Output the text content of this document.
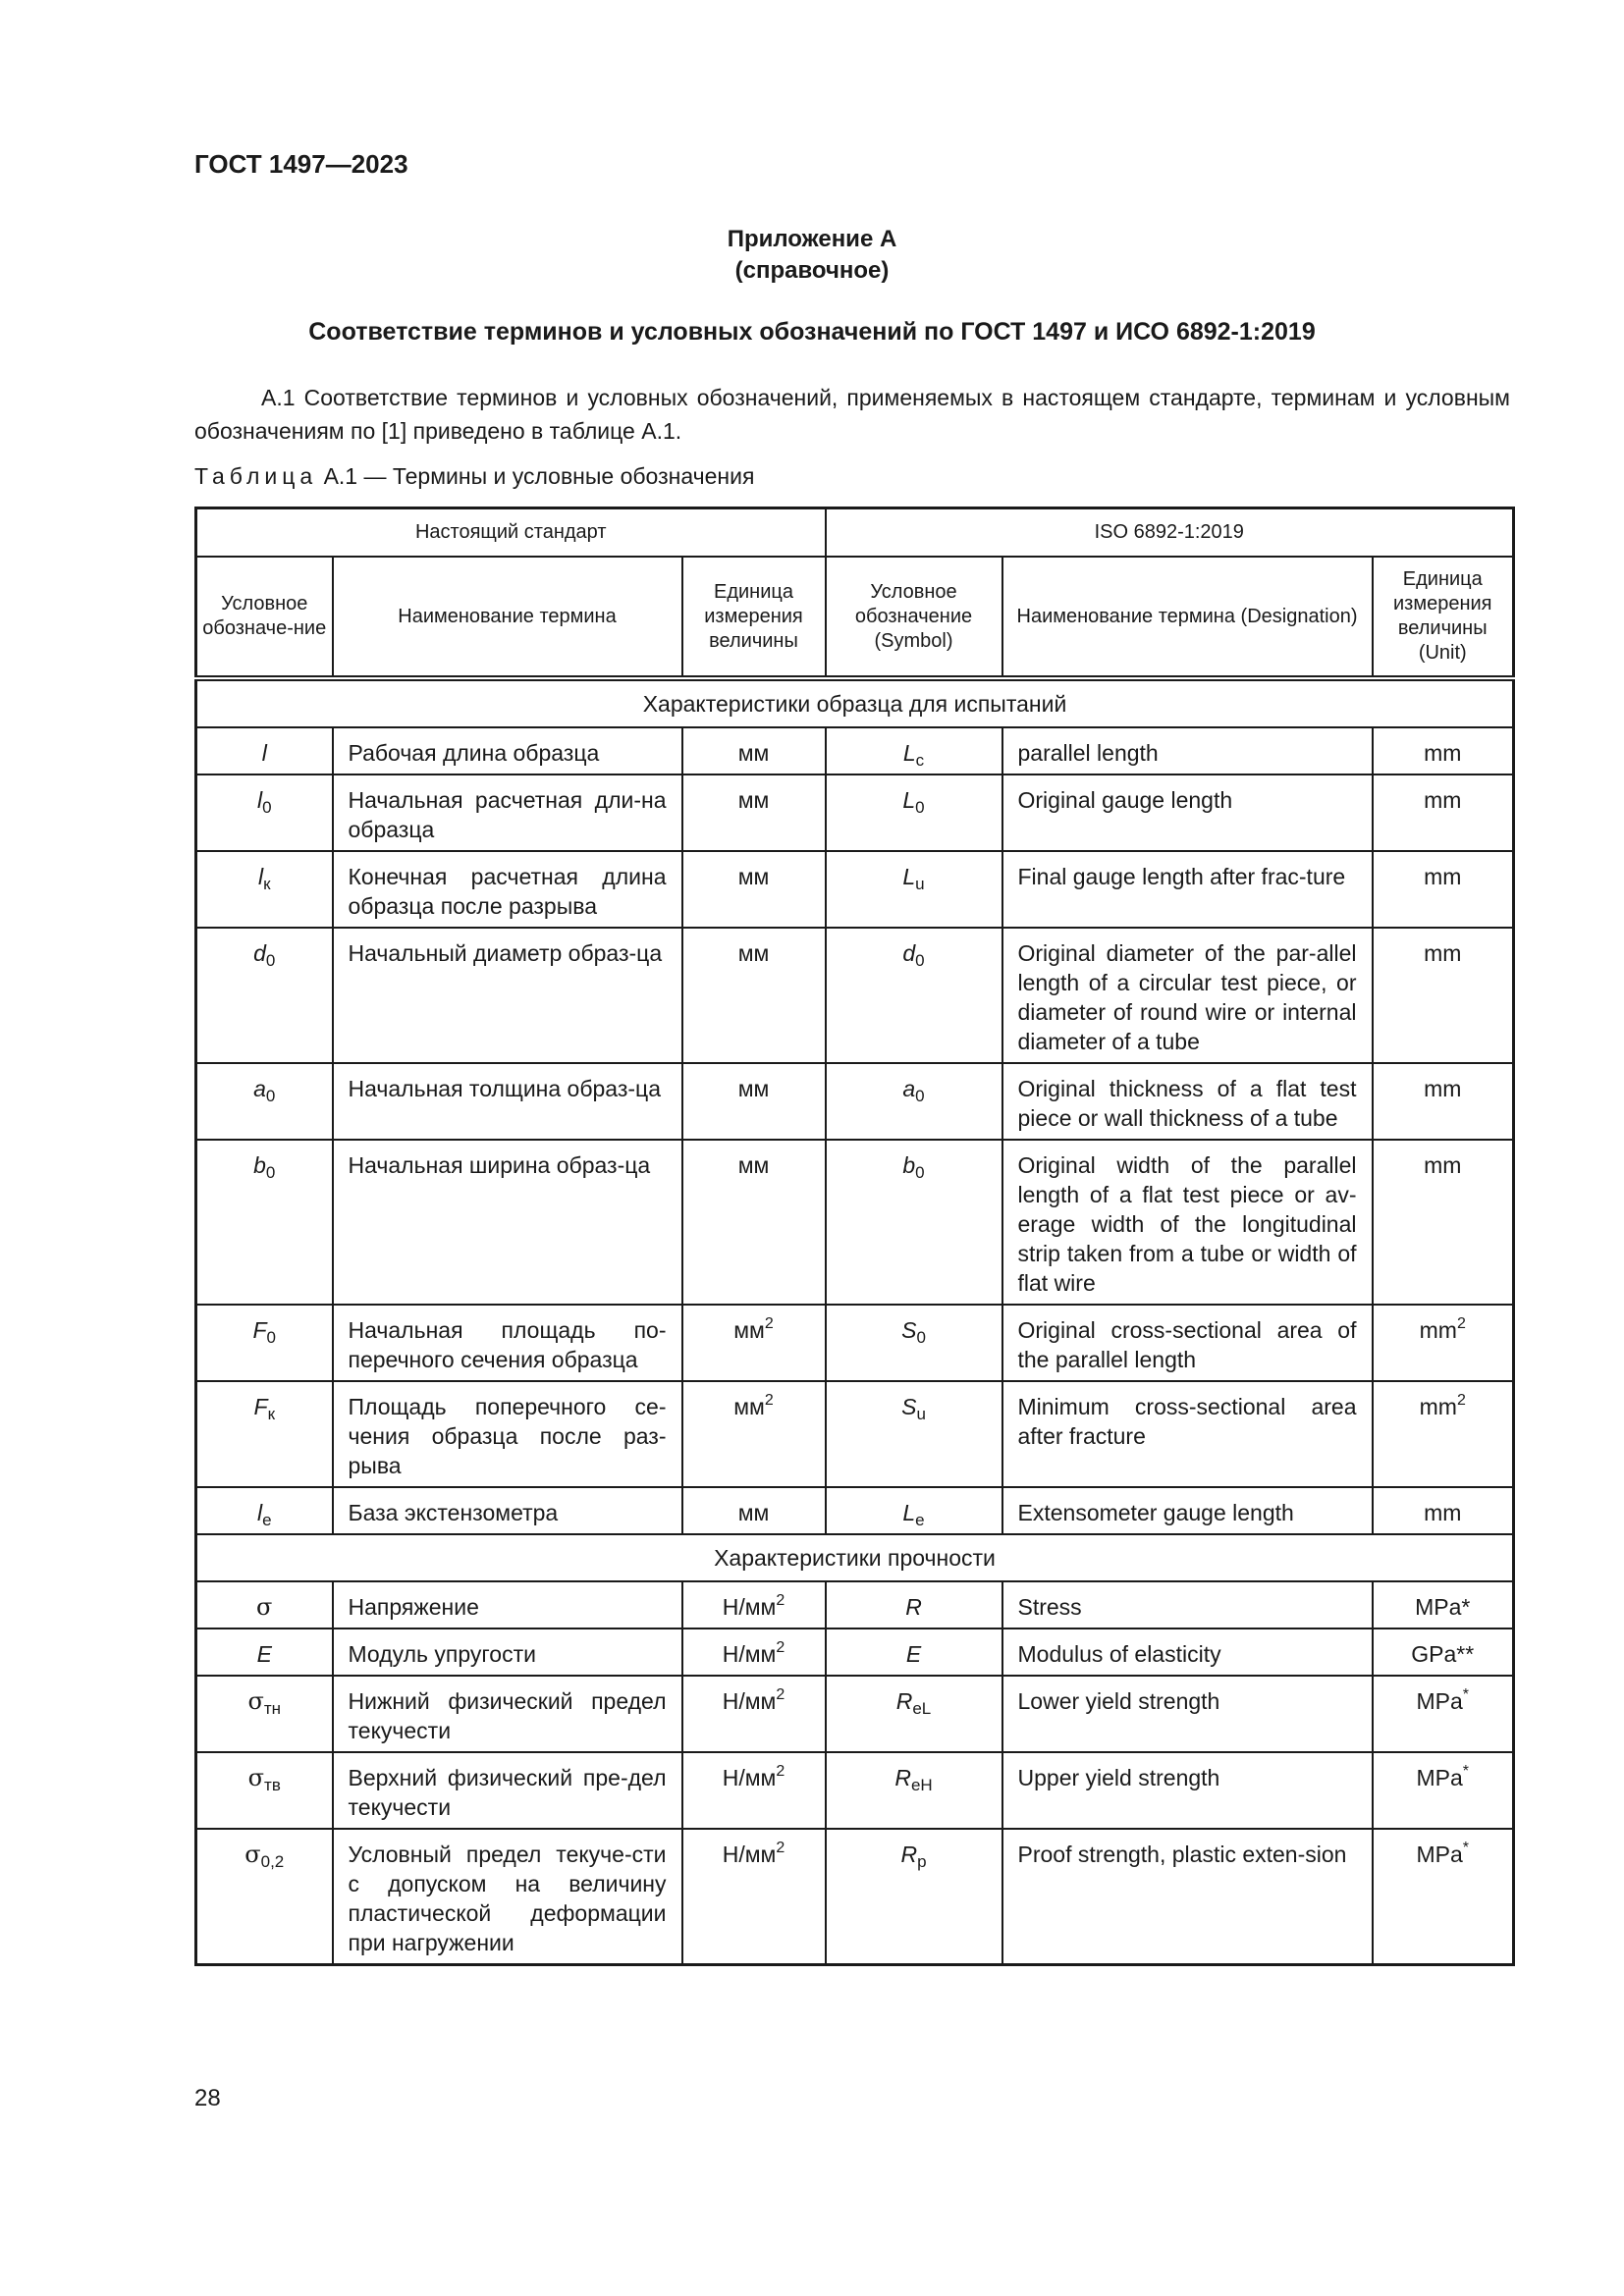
ГОСТ 1497—2023
Приложение А
(справочное)
Соответствие терминов и условных обозначений по ГОСТ 1497 и ИСО 6892-1:2019
А.1 Соответствие терминов и условных обозначений, применяемых в настоящем стандарте, терминам и условным обозначениям по [1] приведено в таблице А.1.
Таблица А.1 — Термины и условные обозначения
Настоящий стандарт			ISO 6892-1:2019		
Условное обозначе-ние	Наименование термина	Единица измерения величины	Условное обозначение (Symbol)	Наименование термина (Designation)	Единица измерения величины (Unit)
Характеристики образца для испытаний					
l	Рабочая длина образца	мм	$L_c$	parallel length	mm
$l_0$	Начальная расчетная дли-на образца	мм	$L_0$	Original gauge length	mm
$l_к$	Конечная расчетная длина образца после разрыва	мм	$L_u$	Final gauge length after frac-ture	mm
$d_0$	Начальный диаметр образ-ца	мм	$d_0$	Original diameter of the par-allel length of a circular test piece, or diameter of round wire or internal diameter of a tube	mm
$a_0$	Начальная толщина образ-ца	мм	$a_0$	Original thickness of a flat test piece or wall thickness of a tube	mm
$b_0$	Начальная ширина образ-ца	мм	$b_0$	Original width of the parallel length of a flat test piece or av-erage width of the longitudinal strip taken from a tube or width of flat wire	mm
$F_0$	Начальная площадь по-перечного сечения образца	$мм^2$	$S_0$	Original cross-sectional area of the parallel length	$mm^2$
$F_к$	Площадь поперечного се-чения образца после раз-рыва	$мм^2$	$S_u$	Minimum cross-sectional area after fracture	$mm^2$
$l_e$	База экстензометра	мм	$L_e$	Extensometer gauge length	mm
Характеристики прочности					
σ	Напряжение	$Н/мм^2$	R	Stress	MPa*
E	Модуль упругости	$Н/мм^2$	E	Modulus of elasticity	GPa**
$\sigma_{тн}$	Нижний физический предел текучести	$Н/мм^2$	$R_{eL}$	Lower yield strength	MPa*
$\sigma_{тв}$	Верхний физический пре-дел текучести	$Н/мм^2$	$R_{eH}$	Upper yield strength	MPa*
$\sigma_{0,2}$	Условный предел текуче-сти с допуском на величину пластической деформации при нагружении	$Н/мм^2$	$R_p$	Proof strength, plastic exten-sion	MPa*
28
